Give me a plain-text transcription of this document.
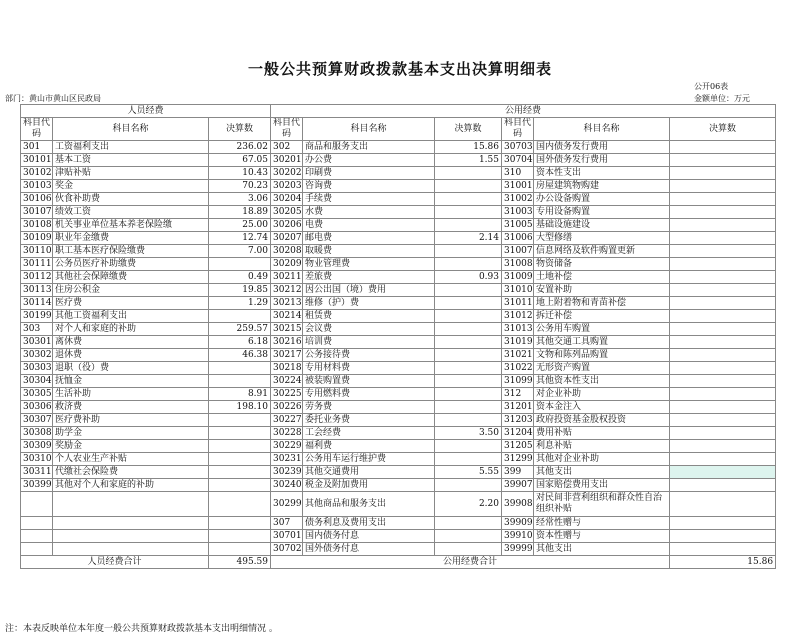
一般公共预算财政拨款基本支出决算明细表
公开06表
部门：黄山市黄山区民政局	金额单位：万元
人员经费			公用经费					
科目代码	科目名称	决算数	科目代码	科目名称	决算数	科目代码	科目名称	决算数
301	工资福利支出	236.02	302	商品和服务支出	15.86	30703	国内债务发行费用	
30101	基本工资	67.05	30201	办公费	1.55	30704	国外债务发行费用	
30102	津贴补贴	10.43	30202	印刷费		310	资本性支出	
30103	奖金	70.23	30203	咨询费		31001	房屋建筑物购建	
30106	伙食补助费	3.06	30204	手续费		31002	办公设备购置	
30107	绩效工资	18.89	30205	水费		31003	专用设备购置	
30108	机关事业单位基本养老保险缴	25.00	30206	电费		31005	基础设施建设	
30109	职业年金缴费	12.74	30207	邮电费	2.14	31006	大型修缮	
30110	职工基本医疗保险缴费	7.00	30208	取暖费		31007	信息网络及软件购置更新	
30111	公务员医疗补助缴费		30209	物业管理费		31008	物资储备	
30112	其他社会保障缴费	0.49	30211	差旅费	0.93	31009	土地补偿	
30113	住房公积金	19.85	30212	因公出国（境）费用		31010	安置补助	
30114	医疗费	1.29	30213	维修（护）费		31011	地上附着物和青苗补偿	
30199	其他工资福利支出		30214	租赁费		31012	拆迁补偿	
303	对个人和家庭的补助	259.57	30215	会议费		31013	公务用车购置	
30301	离休费	6.18	30216	培训费		31019	其他交通工具购置	
30302	退休费	46.38	30217	公务接待费		31021	文物和陈列品购置	
30303	退职（役）费		30218	专用材料费		31022	无形资产购置	
30304	抚恤金		30224	被装购置费		31099	其他资本性支出	
30305	生活补助	8.91	30225	专用燃料费		312	对企业补助	
30306	救济费	198.10	30226	劳务费		31201	资本金注入	
30307	医疗费补助		30227	委托业务费		31203	政府投资基金股权投资	
30308	助学金		30228	工会经费	3.50	31204	费用补贴	
30309	奖励金		30229	福利费		31205	利息补贴	
30310	个人农业生产补贴		30231	公务用车运行维护费		31299	其他对企业补助	
30311	代缴社会保险费		30239	其他交通费用	5.55	399	其他支出	
30399	其他对个人和家庭的补助		30240	税金及附加费用		39907	国家赔偿费用支出	
			30299	其他商品和服务支出	2.20	39908	对民间非营利组织和群众性自治组织补贴	
			307	债务利息及费用支出		39909	经常性赠与	
			30701	国内债务付息		39910	资本性赠与	
			30702	国外债务付息		39999	其他支出	
人员经费合计		495.59	公用经费合计					15.86
注：本表反映单位本年度一般公共预算财政拨款基本支出明细情况 。
